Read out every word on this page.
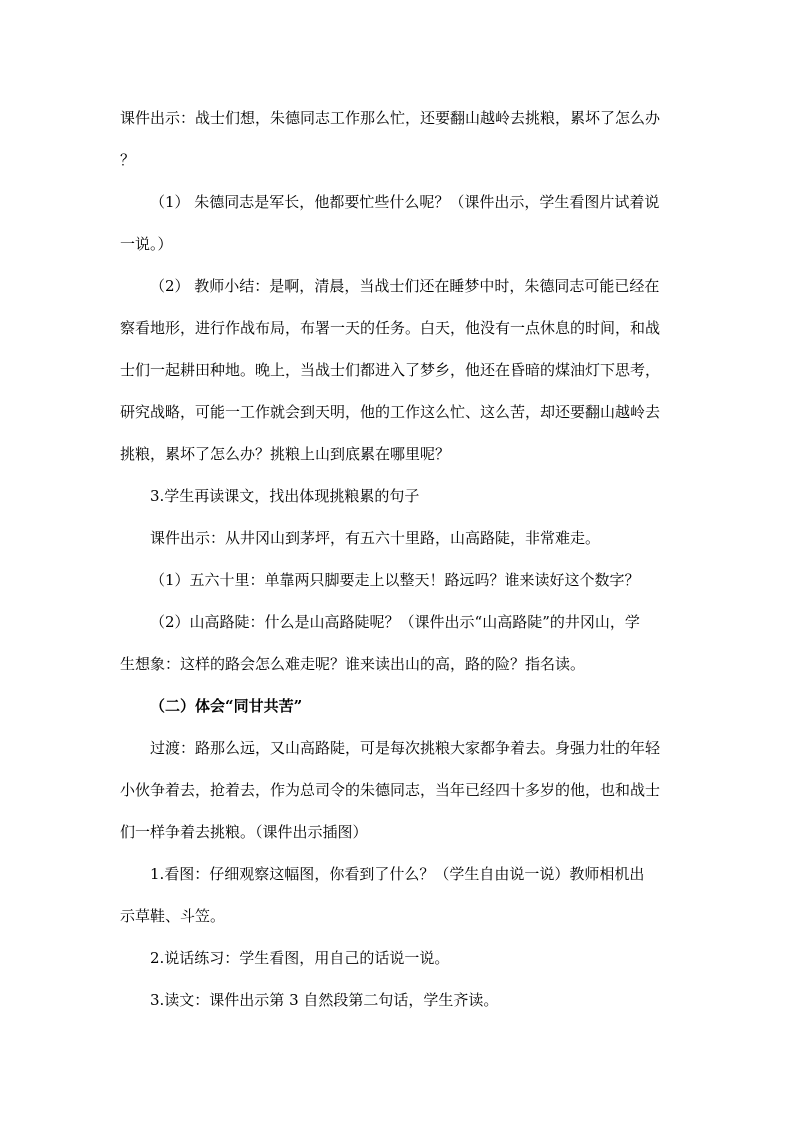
课件出示：战士们想，朱德同志工作那么忙，还要翻山越岭去挑粮，累坏了怎么办
？
（1） 朱德同志是军长，他都要忙些什么呢？（课件出示，学生看图片试着说
一说。）
（2） 教师小结：是啊，清晨，当战士们还在睡梦中时，朱德同志可能已经在
察看地形，进行作战布局，布署一天的任务。白天，他没有一点休息的时间，和战
士们一起耕田种地。晚上，当战士们都进入了梦乡，他还在昏暗的煤油灯下思考，
研究战略，可能一工作就会到天明，他的工作这么忙、这么苦，却还要翻山越岭去
挑粮，累坏了怎么办？挑粮上山到底累在哪里呢？
3.学生再读课文，找出体现挑粮累的句子
课件出示：从井冈山到茅坪，有五六十里路，山高路陡，非常难走。
（1）五六十里：单靠两只脚要走上以整天！路远吗？谁来读好这个数字？
（2）山高路陡：什么是山高路陡呢？（课件出示“山高路陡”的井冈山，学
生想象：这样的路会怎么难走呢？谁来读出山的高，路的险？指名读。
（二）体会“同甘共苦”
过渡：路那么远，又山高路陡，可是每次挑粮大家都争着去。身强力壮的年轻
小伙争着去，抢着去，作为总司令的朱德同志，当年已经四十多岁的他，也和战士
们一样争着去挑粮。（课件出示插图）
1.看图：仔细观察这幅图，你看到了什么？（学生自由说一说）教师相机出
示草鞋、斗笠。
2.说话练习：学生看图，用自己的话说一说。
3.读文：课件出示第 3 自然段第二句话，学生齐读。
